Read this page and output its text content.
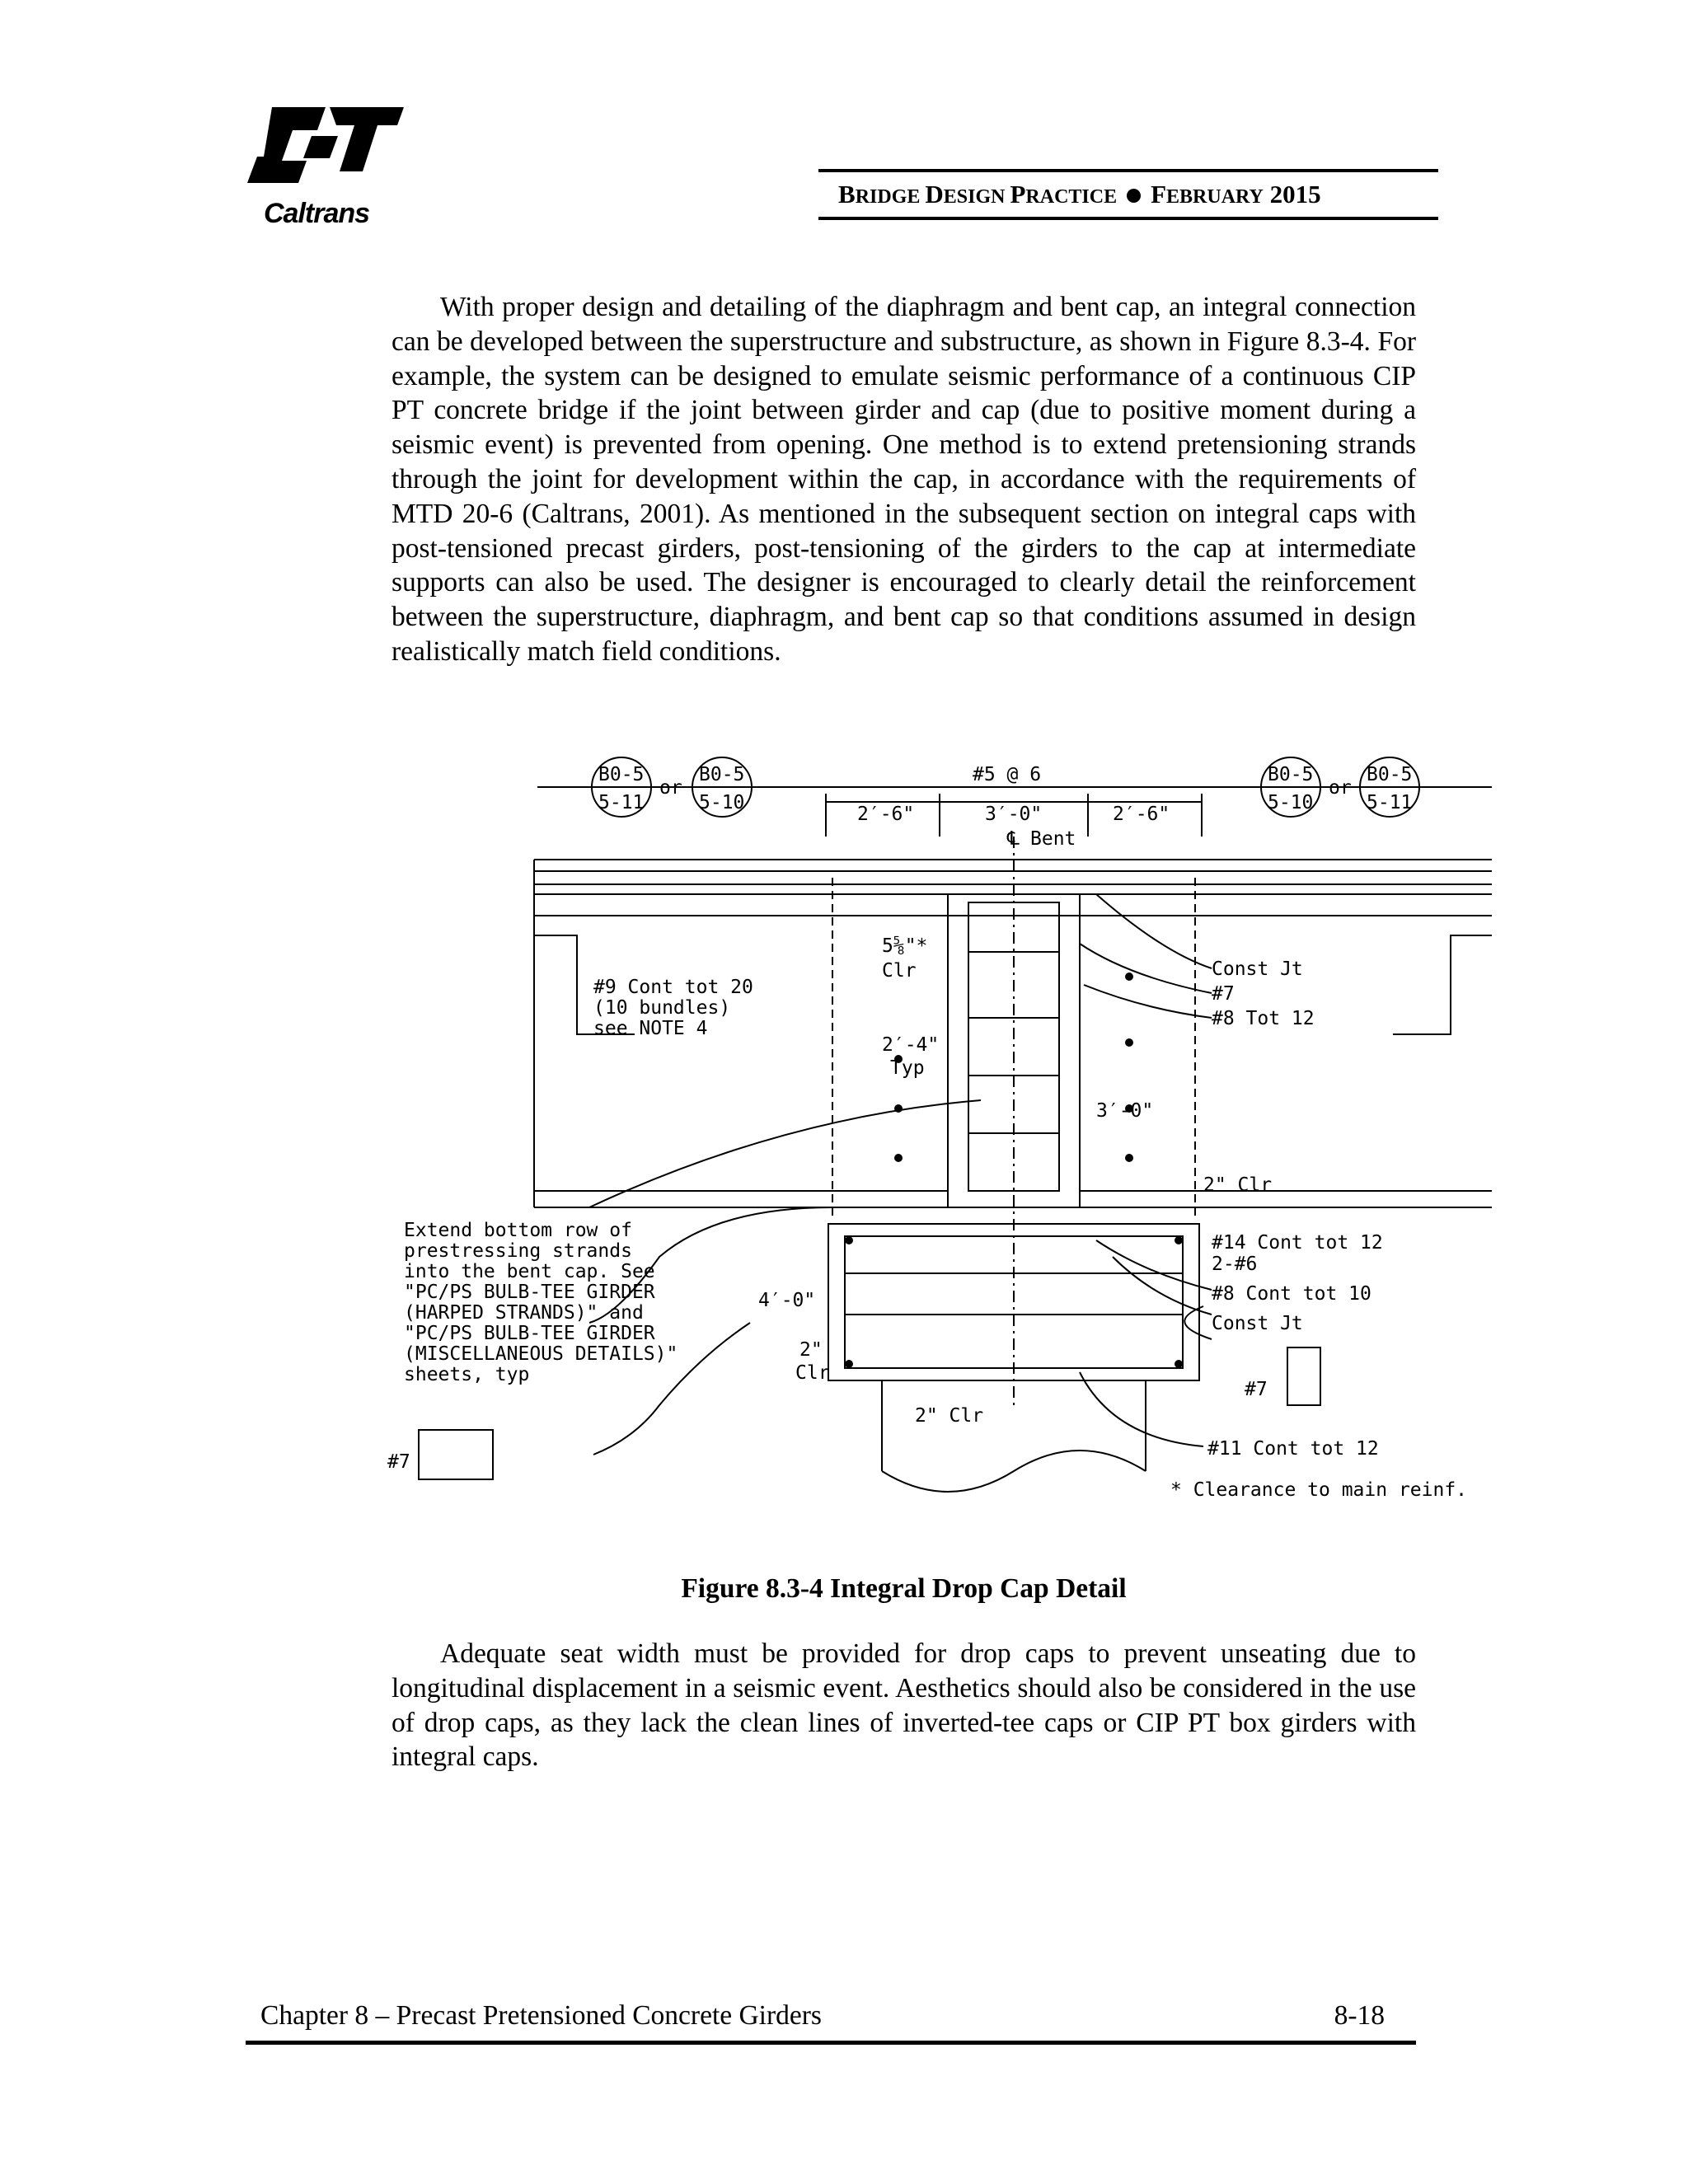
®
Caltrans
BRIDGE DESIGN PRACTICE FEBRUARY 2015

With proper design and detailing of the diaphragm and bent cap, an integral connection can be developed between the superstructure and substructure, as shown in Figure 8.3-4. For example, the system can be designed to emulate seismic performance of a continuous CIP PT concrete bridge if the joint between girder and cap (due to positive moment during a seismic event) is prevented from opening. One method is to extend pretensioning strands through the joint for development within the cap, in accordance with the requirements of MTD 20-6 (Caltrans, 2001). As mentioned in the subsequent section on integral caps with post-tensioned precast girders, post-tensioning of the girders to the cap at intermediate supports can also be used. The designer is encouraged to clearly detail the reinforcement between the superstructure, diaphragm, and bent cap so that conditions assumed in design realistically match field conditions.

B0-5
5-11
or
B0-5
5-10
B0-5
5-10
or
B0-5
5-11
#5 @ 6
2′-6"	3′-0"	2′-6"
℄ Bent
5⅝"*
Clr
2′-4"
Typ
3′-0"
2" Clr
4′-0"
2"
Clr
2" Clr
Const Jt
#7
#8 Tot 12
#9 Cont tot 20
(10 bundles)
see NOTE 4
Extend bottom row of
prestressing strands
into the bent cap. See
"PC/PS BULB-TEE GIRDER
(HARPED STRANDS)" and
"PC/PS BULB-TEE GIRDER
(MISCELLANEOUS DETAILS)"
sheets, typ
#14 Cont tot 12
2-#6
#8 Cont tot 10
Const Jt
#7
#7
#11 Cont tot 12
* Clearance to main reinf.
Figure 8.3-4 Integral Drop Cap Detail

Adequate seat width must be provided for drop caps to prevent unseating due to longitudinal displacement in a seismic event. Aesthetics should also be considered in the use of drop caps, as they lack the clean lines of inverted-tee caps or CIP PT box girders with integral caps.

Chapter 8 – Precast Pretensioned Concrete Girders	8-18
